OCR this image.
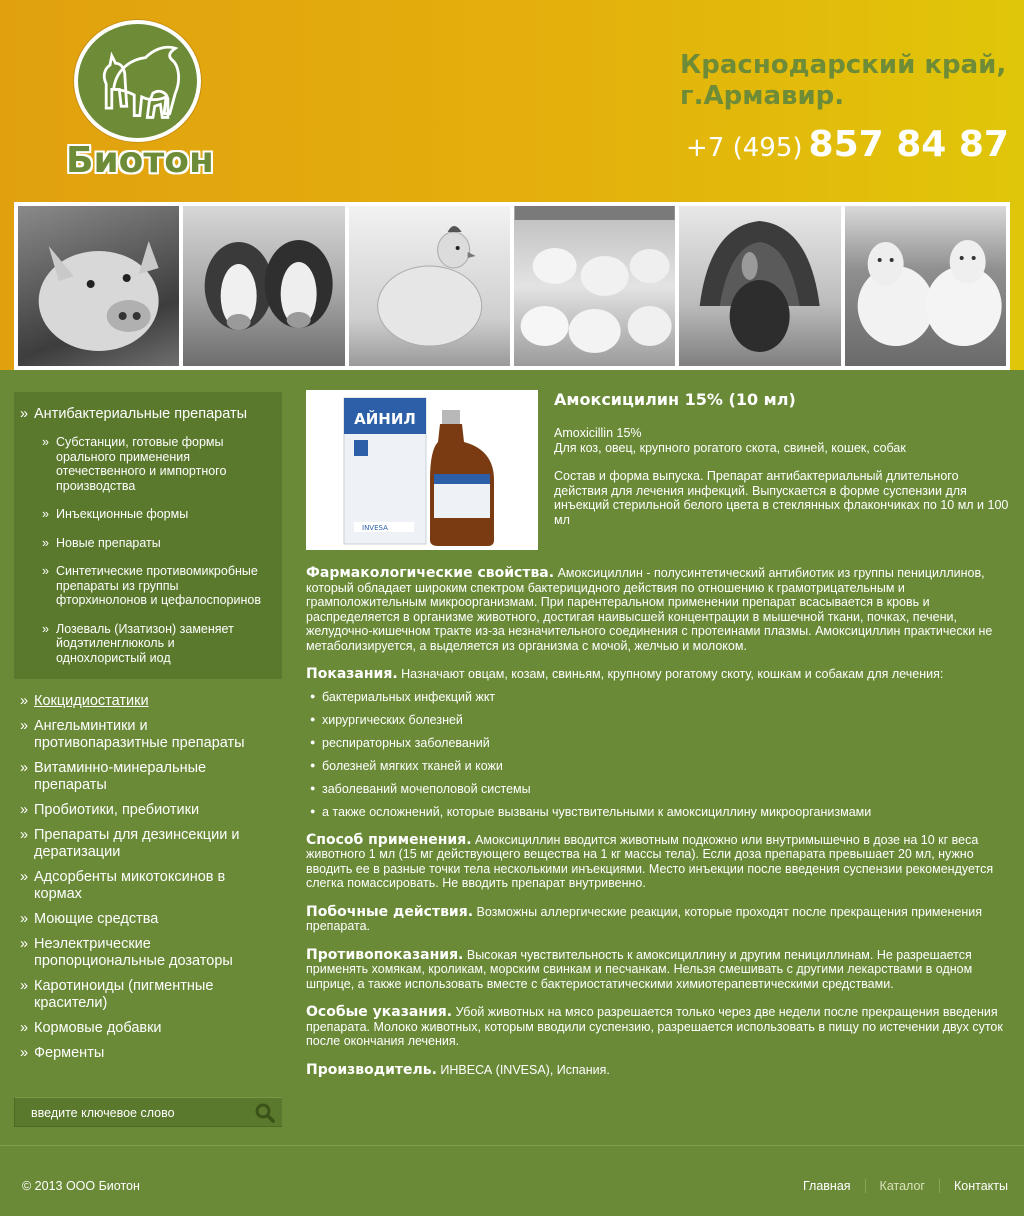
Биотон
Краснодарский край, г.Армавир.
+7 (495) 857 84 87
» Антибактериальные препараты
» Субстанции, готовые формы орального применения отечественного и импортного производства
» Инъекционные формы
» Новые препараты
» Синтетические противомикробные препараты из группы фторхинолонов и цефалоспоринов
» Лозеваль (Изатизон) заменяет йодэтиленглюколь и однохлористый иод
» Кокцидиостатики
» Ангельминтики и противопаразитные препараты
» Витаминно-минеральные препараты
» Пробиотики, пребиотики
» Препараты для дезинсекции и дератизации
» Адсорбенты микотоксинов в кормах
» Моющие средства
» Неэлектрические пропорциональные дозаторы
» Каротиноиды (пигментные красители)
» Кормовые добавки
» Ферменты
введите ключевое слово
АЙНИЛ
INVESA
Амоксицилин 15% (10 мл)
Amoxicillin 15%

Для коз, овец, крупного рогатого скота, свиней, кошек, собак

Состав и форма выпуска. Препарат антибактериальный длительного действия для лечения инфекций. Выпускается в форме суспензии для инъекций стерильной белого цвета в стеклянных флакончиках по 10 мл и 100 мл

Фармакологические свойства. Амоксициллин - полусинтетический антибиотик из группы пенициллинов, который обладает широким спектром бактерицидного действия по отношению к грамотрицательным и грамположительным микроорганизмам. При парентеральном применении препарат всасывается в кровь и распределяется в организме животного, достигая наивысшей концентрации в мышечной ткани, почках, печени, желудочно-кишечном тракте из-за незначительного соединения с протеинами плазмы. Амоксициллин практически не метаболизируется, а выделяется из организма с мочой, желчью и молоком.
Показания. Назначают овцам, козам, свиньям, крупному рогатому скоту, кошкам и собакам для лечения:
● бактериальных инфекций жкт
● хирургических болезней
● респираторных заболеваний
● болезней мягких тканей и кожи
● заболеваний мочеполовой системы
● а также осложнений, которые вызваны чувствительными к амоксициллину микроорганизмами
Способ применения. Амоксициллин вводится животным подкожно или внутримышечно в дозе на 10 кг веса животного 1 мл (15 мг действующего вещества на 1 кг массы тела). Если доза препарата превышает 20 мл, нужно вводить ее в разные точки тела несколькими инъекциями. Место инъекции после введения суспензии рекомендуется слегка помассировать. Не вводить препарат внутривенно.
Побочные действия. Возможны аллергические реакции, которые проходят после прекращения применения препарата.
Противопоказания. Высокая чувствительность к амоксициллину и другим пенициллинам. Не разрешается применять хомякам, кроликам, морским свинкам и песчанкам. Нельзя смешивать с другими лекарствами в одном шприце, а также использовать вместе с бактериостатическими химиотерапевтическими средствами.
Особые указания. Убой животных на мясо разрешается только через две недели после прекращения введения препарата. Молоко животных, которым вводили суспензию, разрешается использовать в пищу по истечении двух суток после окончания лечения.
Производитель. ИНВЕСА (INVESA), Испания.
© 2013 ООО Биотон	Главная	Каталог	Контакты
